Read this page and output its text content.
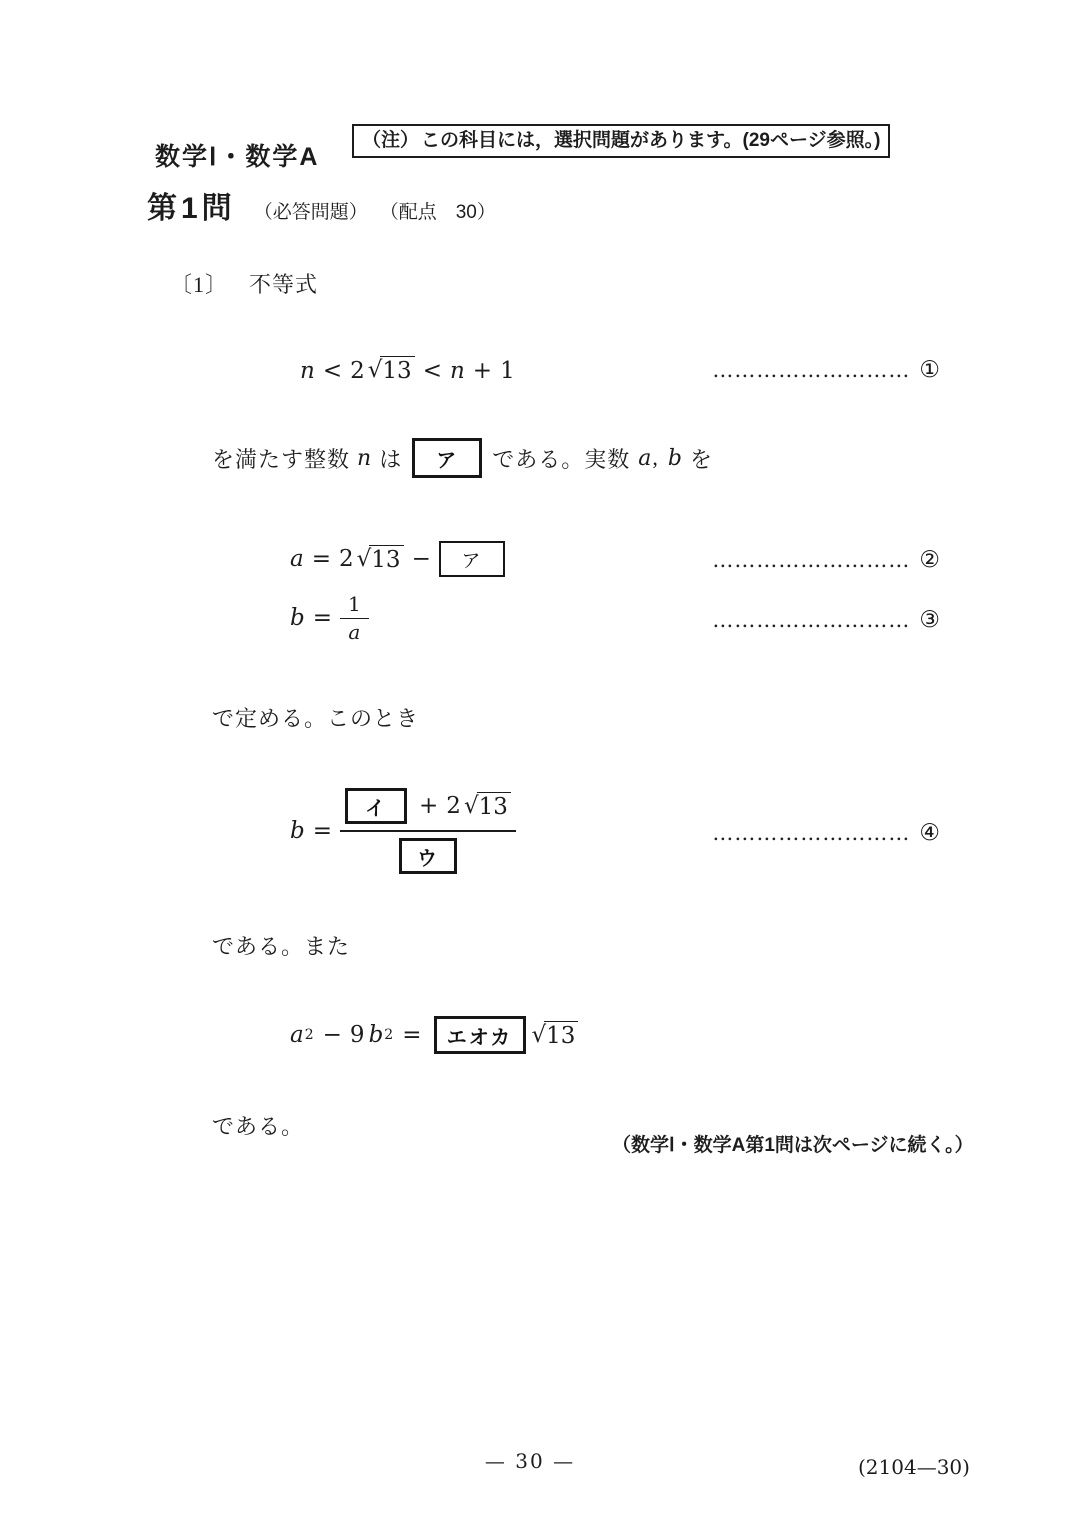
数学Ⅰ・数学A
（注） この科目には，選択問題があります。(29ページ参照。)
第1問 （必答問題） （配点　30）
〔1〕 不等式
n < 2 √13 < n + 1	……………………… ①
を満たす整数 n は	ア	である。実数 a , b を
a = 2 √13 −	ア	……………………… ②
$b = \frac{1}{a}$	……………………… ③
で定める。このとき
b = イ	+ 2 √13
ウ	……………………… ④
である。また
a 2 − 9 b 2 =	エオカ √13
である。
（数学Ⅰ・数学A第1問は次ページに続く。）
— 30 —	(2104—30)
